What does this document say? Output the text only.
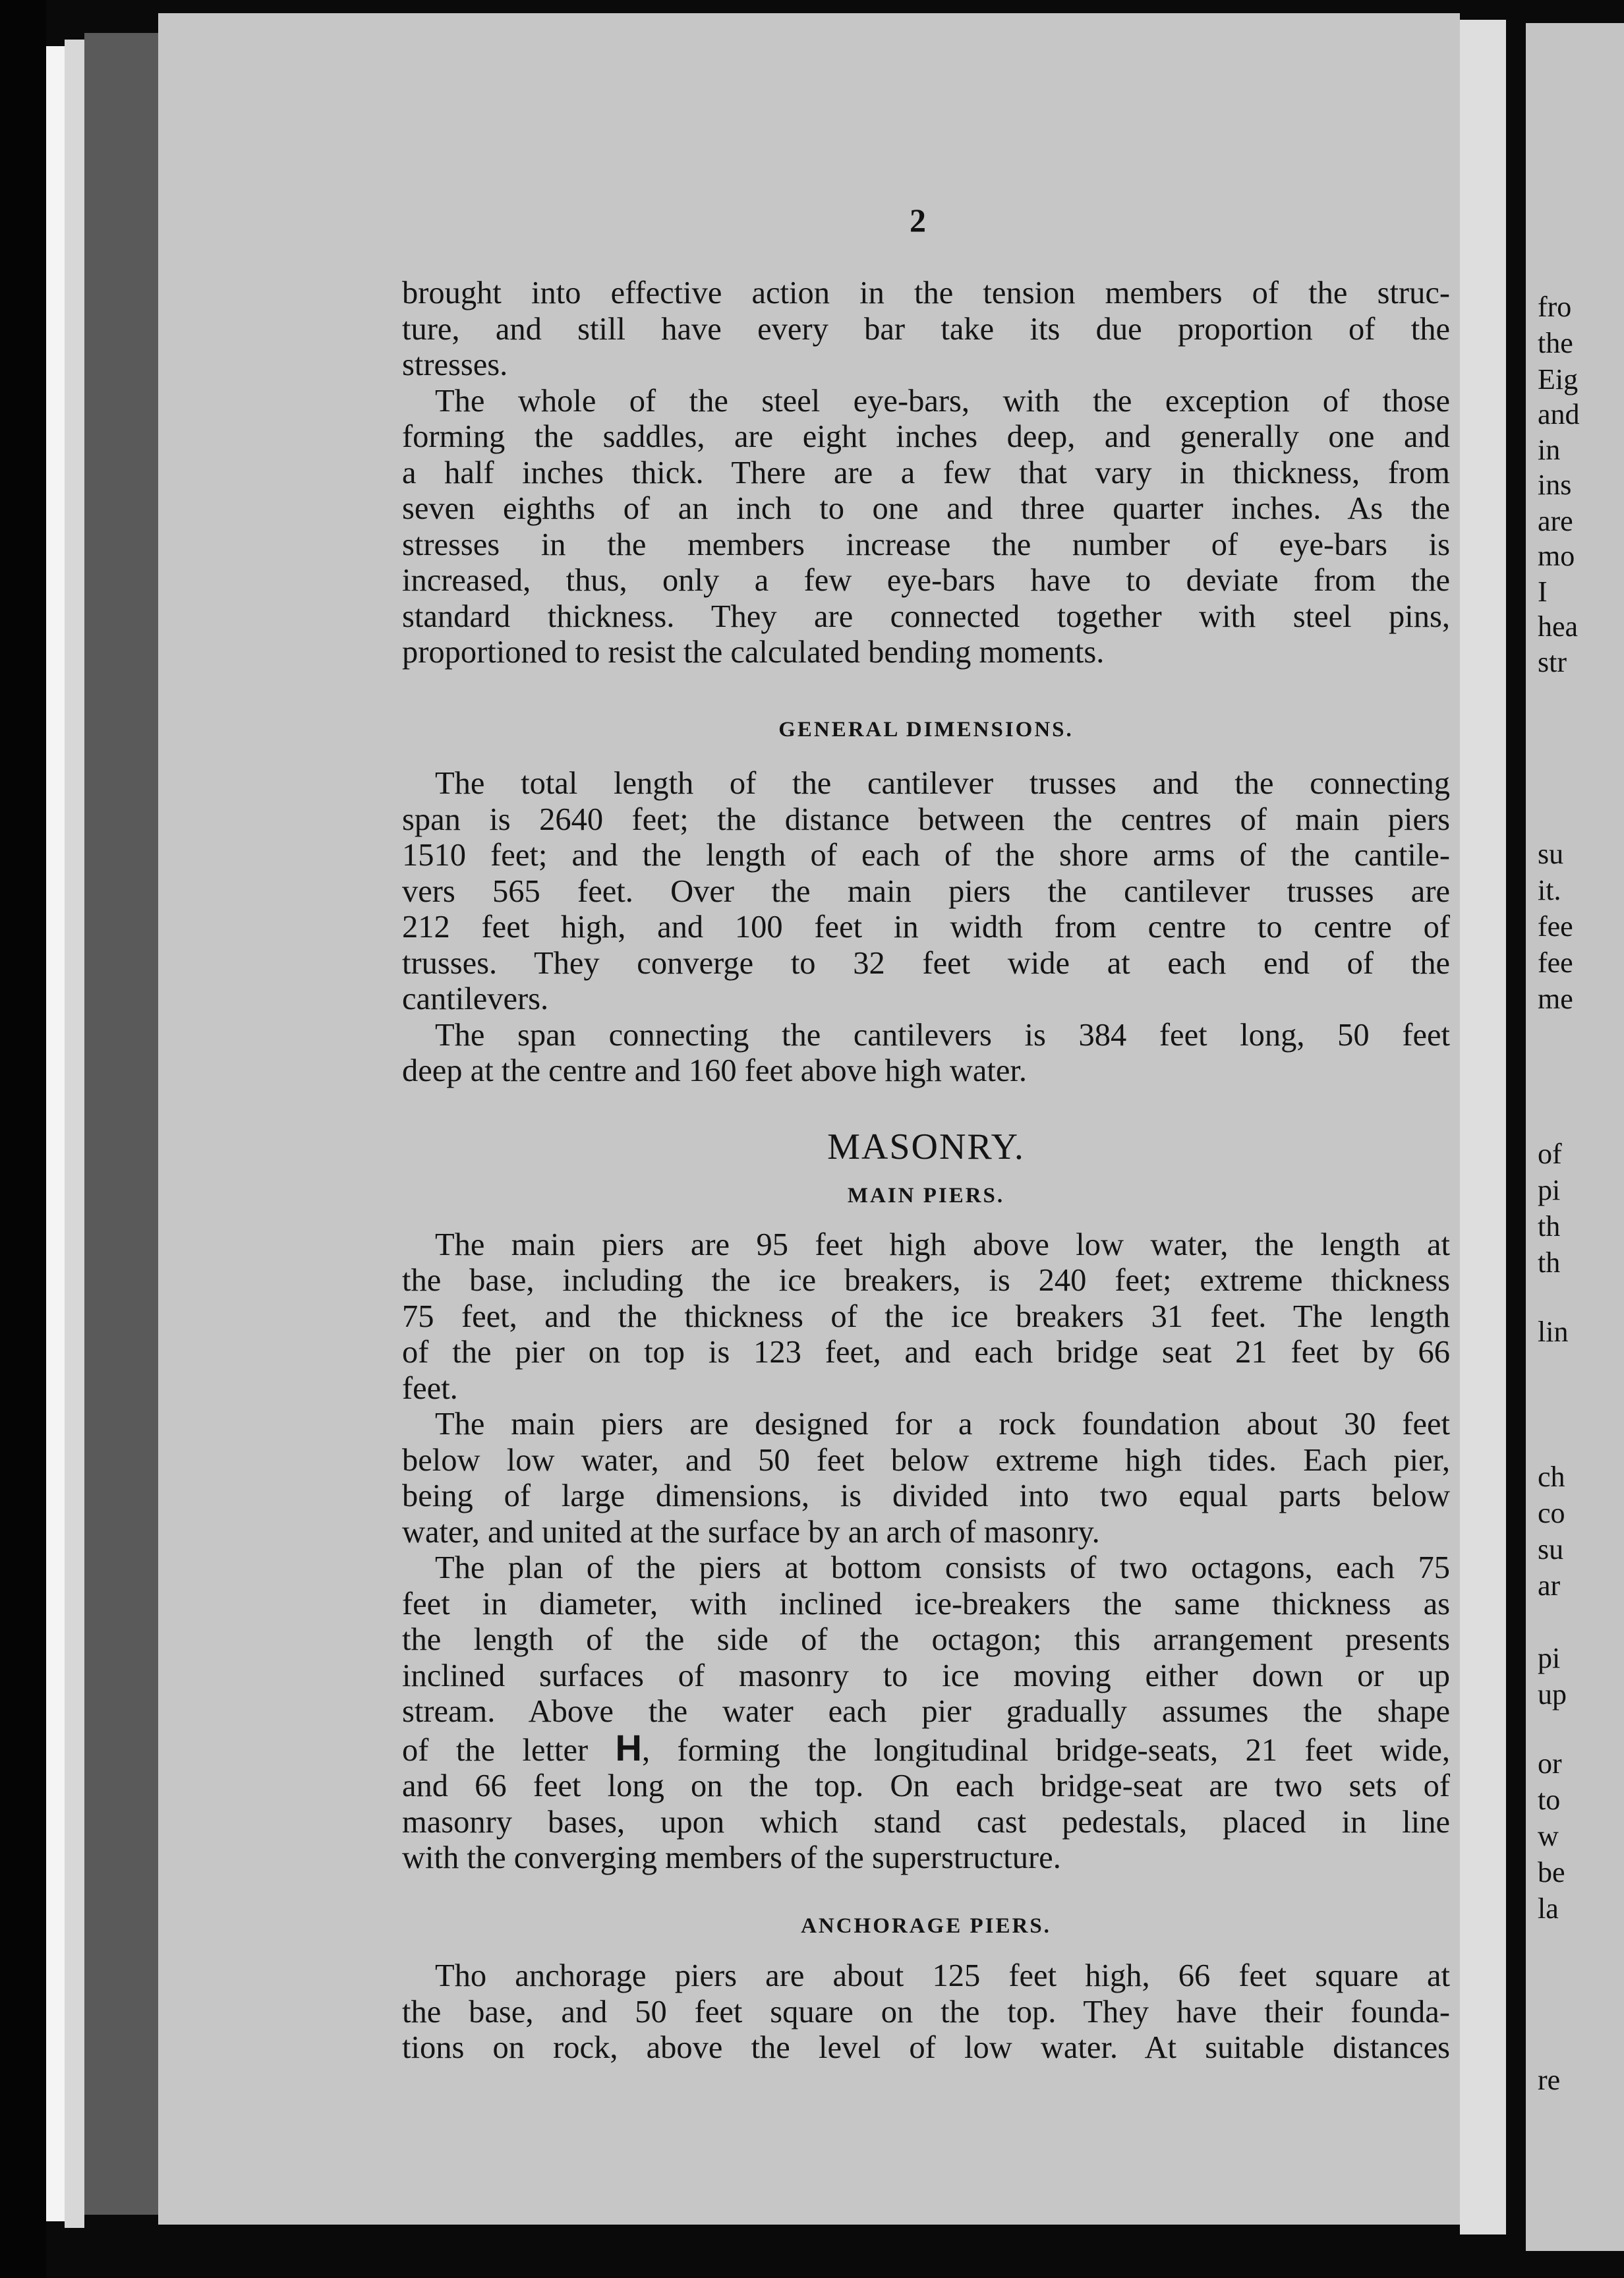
fro
the
Eig
and
in
ins
are
mo
I
hea
str
su
it.
fee
fee
me
of
pi
th
th
lin
ch
co
su
ar
pi
up
or
to
w
be
la
re
2
brought into effective action in the tension members of the struc-
ture, and still have every bar take its due proportion of the
stresses.
The whole of the steel eye-bars, with the exception of those
forming the saddles, are eight inches deep, and generally one and
a half inches thick. There are a few that vary in thickness, from
seven eighths of an inch to one and three quarter inches. As the
stresses in the members increase the number of eye-bars is
increased, thus, only a few eye-bars have to deviate from the
standard thickness. They are connected together with steel pins,
proportioned to resist the calculated bending moments.
GENERAL DIMENSIONS.
The total length of the cantilever trusses and the connecting
span is 2640 feet; the distance between the centres of main piers
1510 feet; and the length of each of the shore arms of the cantile-
vers 565 feet. Over the main piers the cantilever trusses are
212 feet high, and 100 feet in width from centre to centre of
trusses. They converge to 32 feet wide at each end of the
cantilevers.
The span connecting the cantilevers is 384 feet long, 50 feet
deep at the centre and 160 feet above high water.
MASONRY.
MAIN PIERS.
The main piers are 95 feet high above low water, the length at
the base, including the ice breakers, is 240 feet; extreme thickness
75 feet, and the thickness of the ice breakers 31 feet. The length
of the pier on top is 123 feet, and each bridge seat 21 feet by 66
feet.
The main piers are designed for a rock foundation about 30 feet
below low water, and 50 feet below extreme high tides. Each pier,
being of large dimensions, is divided into two equal parts below
water, and united at the surface by an arch of masonry.
The plan of the piers at bottom consists of two octagons, each 75
feet in diameter, with inclined ice-breakers the same thickness as
the length of the side of the octagon; this arrangement presents
inclined surfaces of masonry to ice moving either down or up
stream. Above the water each pier gradually assumes the shape
of the letter H, forming the longitudinal bridge-seats, 21 feet wide,
and 66 feet long on the top. On each bridge-seat are two sets of
masonry bases, upon which stand cast pedestals, placed in line
with the converging members of the superstructure.
ANCHORAGE PIERS.
Tho anchorage piers are about 125 feet high, 66 feet square at
the base, and 50 feet square on the top. They have their founda-
tions on rock, above the level of low water. At suitable distances
